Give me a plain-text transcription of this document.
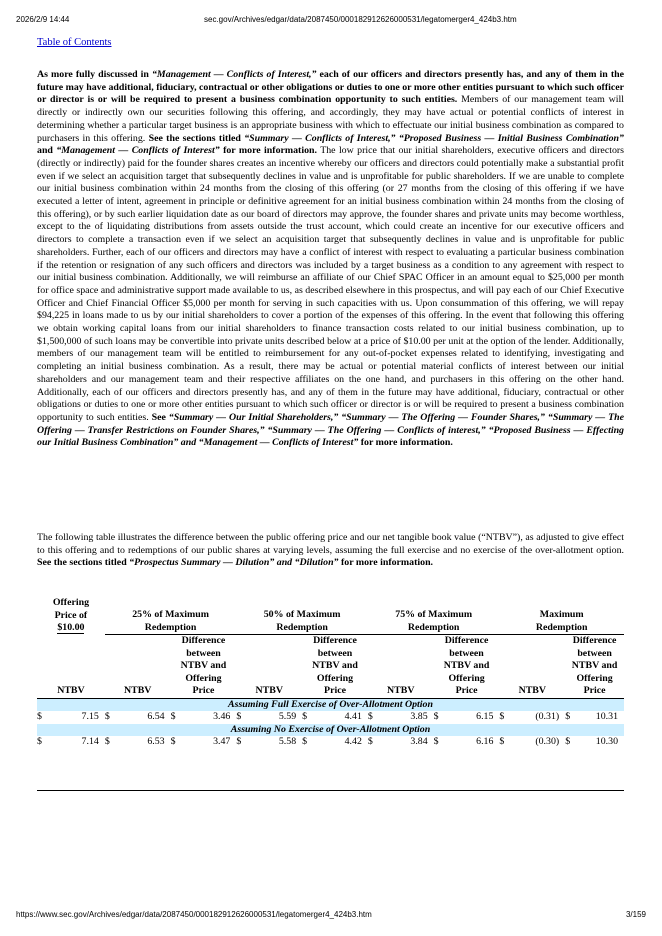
2026/2/9 14:44	sec.gov/Archives/edgar/data/2087450/000182912626000531/legatomerger4_424b3.htm
Table of Contents

As more fully discussed in “Management — Conflicts of Interest,” each of our officers and directors presently has, and any of them in the future may have additional, fiduciary, contractual or other obligations or duties to one or more other entities pursuant to which such officer or director is or will be required to present a business combination opportunity to such entities. Members of our management team will directly or indirectly own our securities following this offering, and accordingly, they may have actual or potential conflicts of interest in determining whether a particular target business is an appropriate business with which to effectuate our initial business combination as compared to purchasers in this offering. See the sections titled “Summary — Conflicts of Interest,” “Proposed Business — Initial Business Combination” and “Management — Conflicts of Interest” for more information. The low price that our initial shareholders, executive officers and directors (directly or indirectly) paid for the founder shares creates an incentive whereby our officers and directors could potentially make a substantial profit even if we select an acquisition target that subsequently declines in value and is unprofitable for public shareholders. If we are unable to complete our initial business combination within 24 months from the closing of this offering (or 27 months from the closing of this offering if we have executed a letter of intent, agreement in principle or definitive agreement for an initial business combination within 24 months from the closing of this offering), or by such earlier liquidation date as our board of directors may approve, the founder shares and private units may become worthless, except to the of liquidating distributions from assets outside the trust account, which could create an incentive for our executive officers and directors to complete a transaction even if we select an acquisition target that subsequently declines in value and is unprofitable for public shareholders. Further, each of our officers and directors may have a conflict of interest with respect to evaluating a particular business combination if the retention or resignation of any such officers and directors was included by a target business as a condition to any agreement with respect to our initial business combination. Additionally, we will reimburse an affiliate of our Chief SPAC Officer in an amount equal to $25,000 per month for office space and administrative support made available to us, as described elsewhere in this prospectus, and will pay each of our Chief Executive Officer and Chief Financial Officer $5,000 per month for serving in such capacities with us. Upon consummation of this offering, we will repay $94,225 in loans made to us by our initial shareholders to cover a portion of the expenses of this offering. In the event that following this offering we obtain working capital loans from our initial shareholders to finance transaction costs related to our initial business combination, up to $1,500,000 of such loans may be convertible into private units described below at a price of $10.00 per unit at the option of the lender. Additionally, members of our management team will be entitled to reimbursement for any out-of-pocket expenses related to identifying, investigating and completing an initial business combination. As a result, there may be actual or potential material conflicts of interest between our initial shareholders and our management team and their respective affiliates on the one hand, and purchasers in this offering on the other hand. Additionally, each of our officers and directors presently has, and any of them in the future may have additional, fiduciary, contractual or other obligations or duties to one or more other entities pursuant to which such officer or director is or will be required to present a business combination opportunity to such entities. See “Summary — Our Initial Shareholders,” “Summary — The Offering — Founder Shares,” “Summary — The Offering — Transfer Restrictions on Founder Shares,” “Summary — The Offering — Conflicts of interest,” “Proposed Business — Effecting our Initial Business Combination” and “Management — Conflicts of Interest” for more information.

The following table illustrates the difference between the public offering price and our net tangible book value (“NTBV”), as adjusted to give effect to this offering and to redemptions of our public shares at varying levels, assuming the full exercise and no exercise of the over-allotment option. See the sections titled “Prospectus Summary — Dilution” and “Dilution” for more information.

Offering
Price of
$10.00		25% of Maximum
Redemption				50% of Maximum
Redemption				75% of Maximum
Redemption				Maximum
Redemption			
NTBV		NTBV		Difference
between
NTBV and
Offering
Price		NTBV		Difference
between
NTBV and
Offering
Price		NTBV		Difference
between
NTBV and
Offering
Price		NTBV		Difference
between
NTBV and
Offering
Price	
Assuming Full Exercise of Over-Allotment Option																	
$	7.15	$	6.54	$	3.46	$	5.59	$	4.41	$	3.85	$	6.15	$	(0.31)	$	10.31
Assuming No Exercise of Over-Allotment Option																	
$	7.14	$	6.53	$	3.47	$	5.58	$	4.42	$	3.84	$	6.16	$	(0.30)	$	10.30
https://www.sec.gov/Archives/edgar/data/2087450/000182912626000531/legatomerger4_424b3.htm	3/159
